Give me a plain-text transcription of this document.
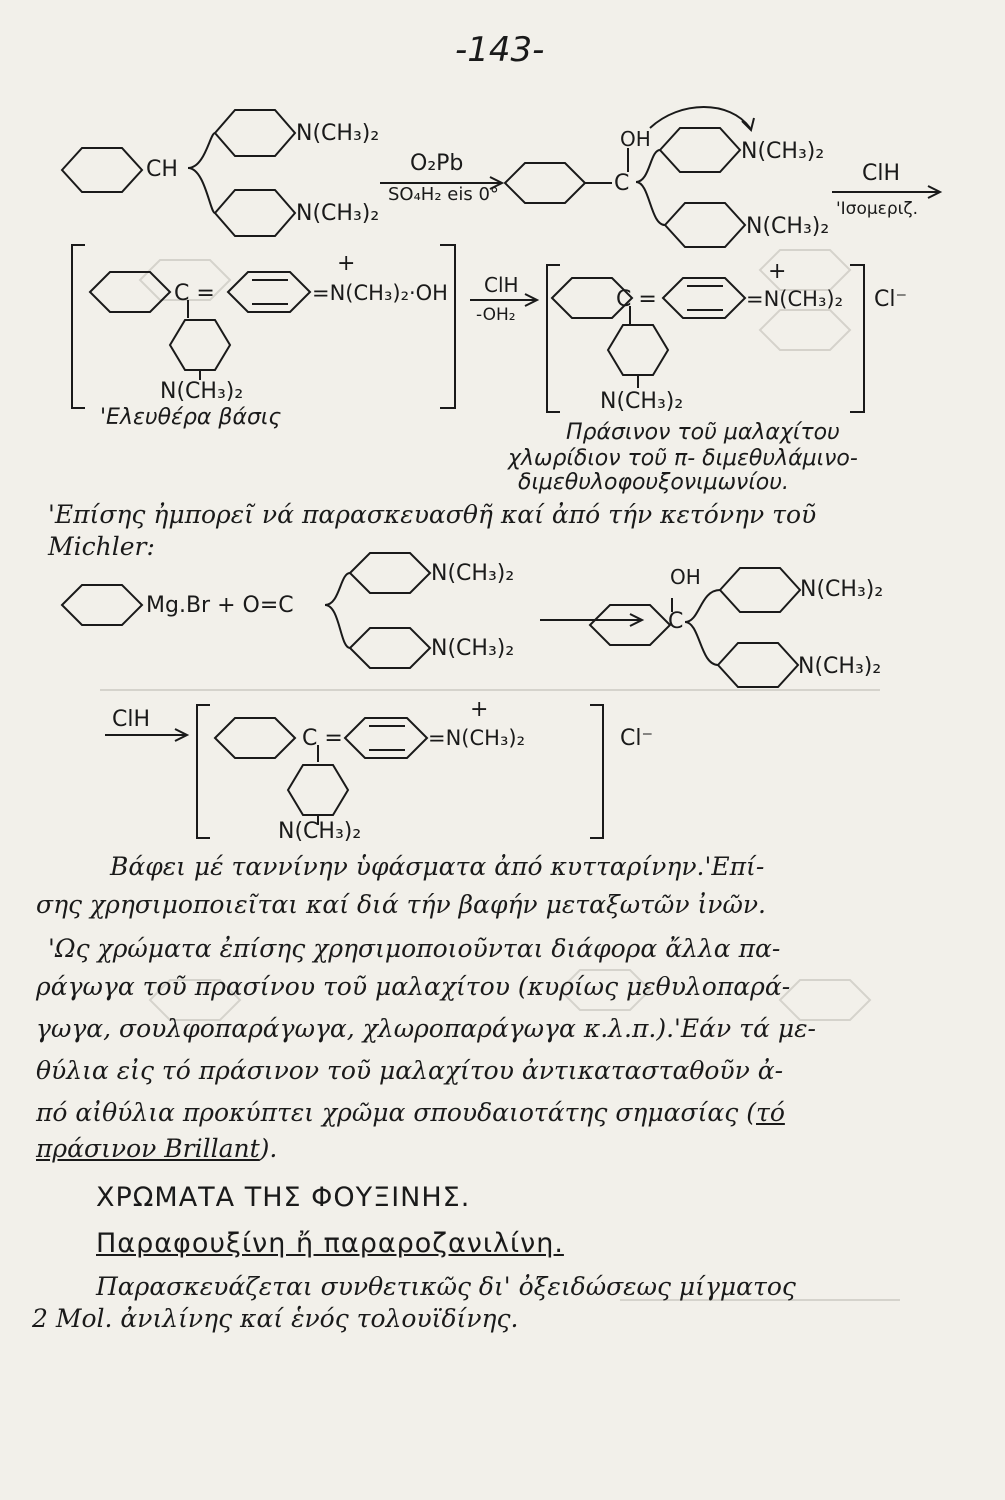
-143-
CH
N(CH₃)₂
N(CH₃)₂
O₂Pb
SO₄H₂ eis 0°
OH
C
N(CH₃)₂
N(CH₃)₂
ClH
'Ισομεριζ.
C =
+
=N(CH₃)₂·OH
N(CH₃)₂
ClH
-OH₂
C =
+
Cl⁻
=N(CH₃)₂
N(CH₃)₂
Mg.Br + O=C
N(CH₃)₂
N(CH₃)₂
OH
C
N(CH₃)₂
N(CH₃)₂
ClH
C =
+
=N(CH₃)₂	Cl⁻
N(CH₃)₂
'Ελευθέρα βάσις
Πράσινον τοῦ μαλαχίτου
χλωρίδιον τοῦ π- διμεθυλάμινο-
διμεθυλοφουξονιμωνίου.
'Επίσης ἠμπορεῖ νά παρασκευασθῆ καί ἀπό τήν κετόνην τοῦ
Michler:
Βάφει μέ ταννίνην ὑφάσματα ἀπό κυτταρίνην.'Επί-
σης χρησιμοποιεῖται καί διά τήν βαφήν μεταξωτῶν ἰνῶν.
'Ως χρώματα ἐπίσης χρησιμοποιοῦνται διάφορα ἄλλα πα-
ράγωγα τοῦ πρασίνου τοῦ μαλαχίτου (κυρίως μεθυλοπαρά-
γωγα, σουλφοπαράγωγα, χλωροπαράγωγα κ.λ.π.).'Εάν τά με-
θύλια εἰς τό πράσινον τοῦ μαλαχίτου ἀντικατασταθοῦν ἀ-
πό αἰθύλια προκύπτει χρῶμα σπουδαιοτάτης σημασίας (τό
πράσινον Brillant).
ΧΡΩΜΑΤΑ ΤΗΣ ΦΟΥΞΙΝΗΣ.
Παραφουξίνη ἤ παραροζανιλίνη.
Παρασκευάζεται συνθετικῶς δι' ὀξειδώσεως μίγματος
2 Mol. ἀνιλίνης καί ἑνός τολουϊδίνης.
